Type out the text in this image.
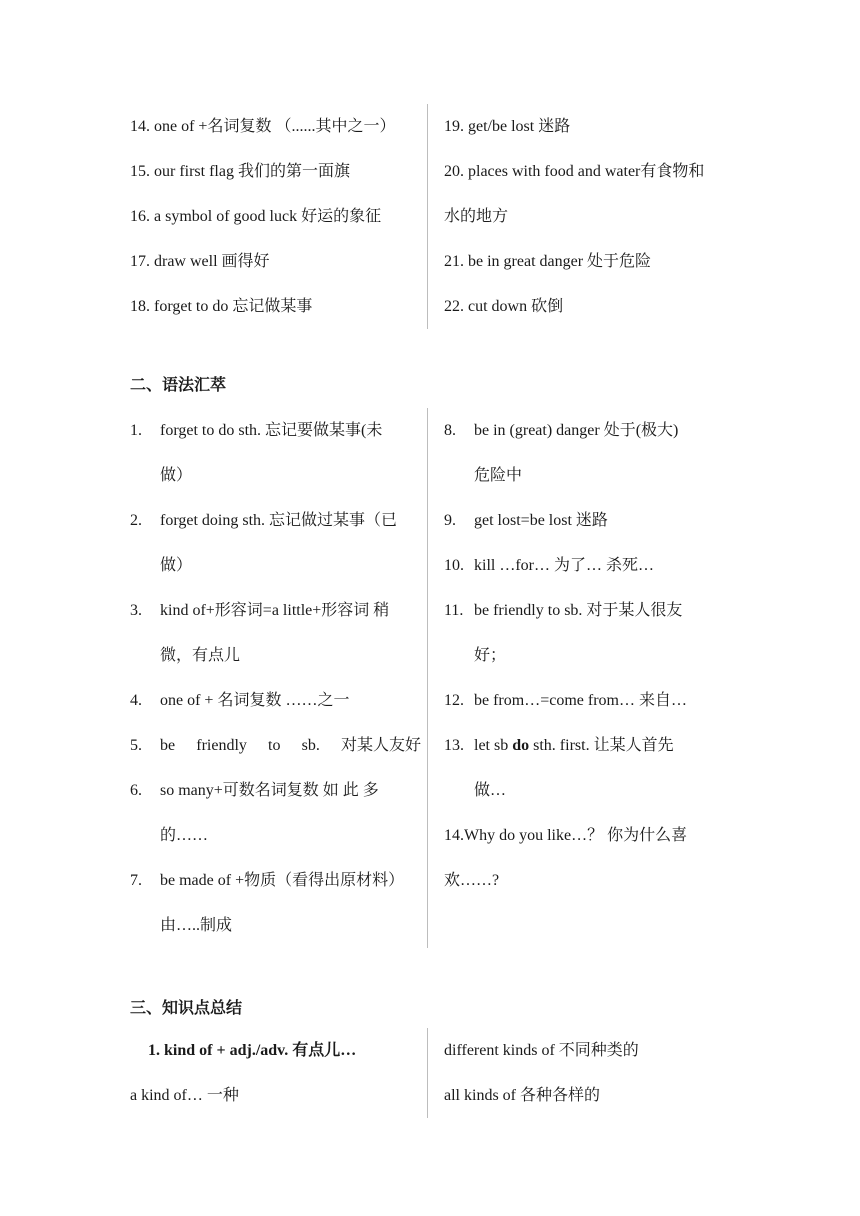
14. one of +名词复数 （......其中之一）
15. our first flag 我们的第一面旗
16. a symbol of good luck 好运的象征
17. draw well 画得好
18. forget to do 忘记做某事
19. get/be lost 迷路
20. places with food and water有食物和
水的地方
21. be in great danger 处于危险
22. cut down 砍倒
二、语法汇萃
1.	forget to do sth. 忘记要做某事(未
做）
2.	forget doing sth. 忘记做过某事（已
做）
3.	kind of+形容词=a little+形容词 稍
微，有点儿
4.	one of + 名词复数 ……之一
5.	be friendly to sb. 对某人友好
6.	so many+可数名词复数 如 此 多
的……
7.	be made of +物质（看得出原材料）
由…..制成
8.	be in (great) danger 处于(极大)
危险中
9.	get lost=be lost 迷路
10. kill …for… 为了… 杀死…
11. be friendly to sb. 对于某人很友
好；
12. be from…=come from… 来自…
13. let sb do sth. first. 让某人首先
做…
14.Why do you like…？ 你为什么喜
欢……?
三、知识点总结
1. kind of + adj./adv. 有点儿…
a kind of… 一种
different kinds of 不同种类的
all kinds of 各种各样的
